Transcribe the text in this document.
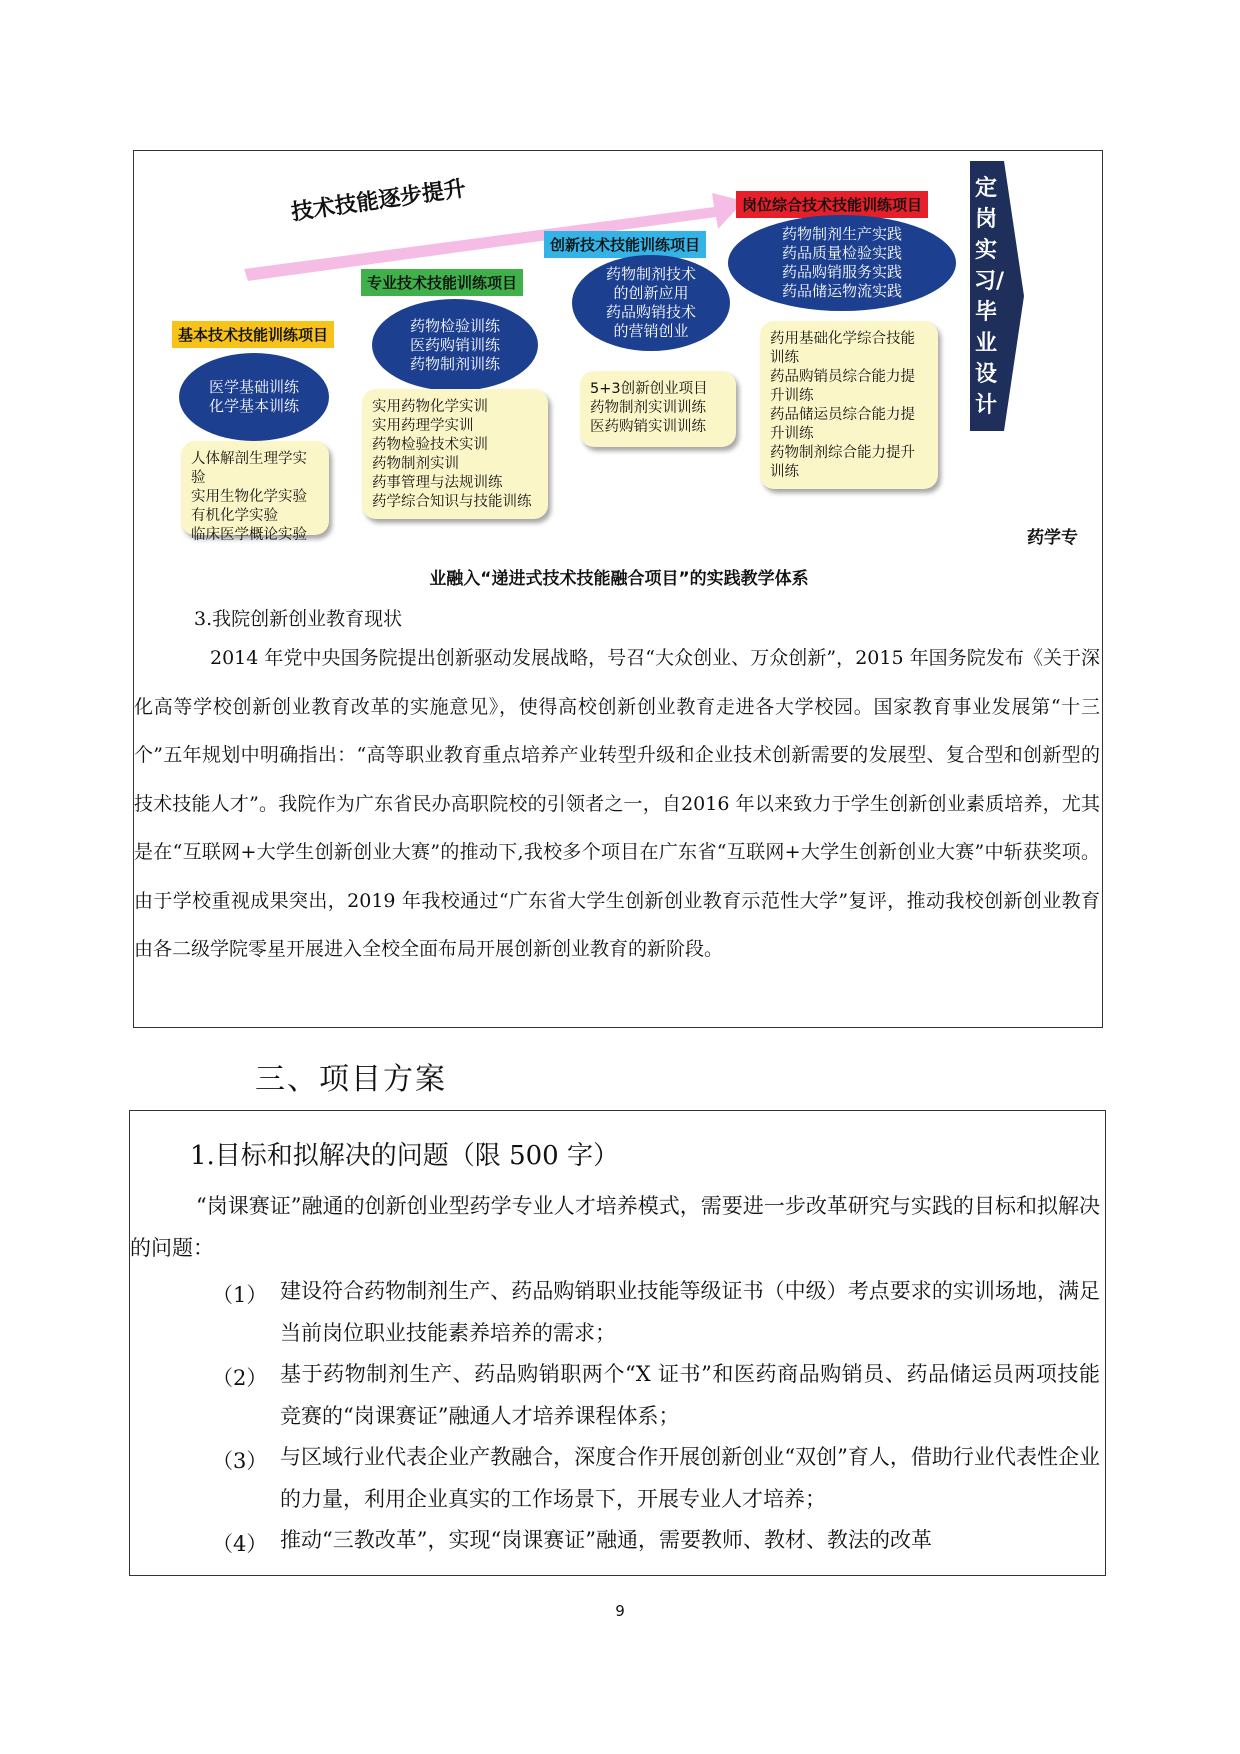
技术技能逐步提升
基本技术技能训练项目
医学基础训练
化学基本训练
人体解剖生理学实验
实用生物化学实验
有机化学实验
临床医学概论实验
专业技术技能训练项目
药物检验训练
医药购销训练
药物制剂训练
实用药物化学实训
实用药理学实训
药物检验技术实训
药物制剂实训
药事管理与法规训练
药学综合知识与技能训练
创新技术技能训练项目
药物制剂技术
的创新应用
药品购销技术
的营销创业
5+3创新创业项目
药物制剂实训训练
医药购销实训训练
岗位综合技术技能训练项目
药物制剂生产实践
药品质量检验实践
药品购销服务实践
药品储运物流实践
药用基础化学综合技能训练
药品购销员综合能力提升训练
药品储运员综合能力提升训练
药物制剂综合能力提升训练
定岗实习/毕业设计
药学专
业融入“递进式技术技能融合项目”的实践教学体系
3.我院创新创业教育现状
2014 年党中央国务院提出创新驱动发展战略，号召“大众创业、万众创新”，2015 年国务院发布《关于深化高等学校创新创业教育改革的实施意见》，使得高校创新创业教育走进各大学校园。国家教育事业发展第“十三个”五年规划中明确指出：“高等职业教育重点培养产业转型升级和企业技术创新需要的发展型、复合型和创新型的技术技能人才”。我院作为广东省民办高职院校的引领者之一，自2016 年以来致力于学生创新创业素质培养，尤其是在“互联网+大学生创新创业大赛”的推动下,我校多个项目在广东省“互联网+大学生创新创业大赛”中斩获奖项。由于学校重视成果突出，2019 年我校通过“广东省大学生创新创业教育示范性大学”复评，推动我校创新创业教育由各二级学院零星开展进入全校全面布局开展创新创业教育的新阶段。
三、项目方案
1.目标和拟解决的问题（限 500 字）
“岗课赛证”融通的创新创业型药学专业人才培养模式，需要进一步改革研究与实践的目标和拟解决的问题：
（1） 建设符合药物制剂生产、药品购销职业技能等级证书（中级）考点要求的实训场地，满足当前岗位职业技能素养培养的需求；
（2） 基于药物制剂生产、药品购销职两个“X 证书”和医药商品购销员、药品储运员两项技能竞赛的“岗课赛证”融通人才培养课程体系；
（3） 与区域行业代表企业产教融合，深度合作开展创新创业“双创”育人，借助行业代表性企业的力量，利用企业真实的工作场景下，开展专业人才培养；
（4） 推动“三教改革”，实现“岗课赛证”融通，需要教师、教材、教法的改革
9
